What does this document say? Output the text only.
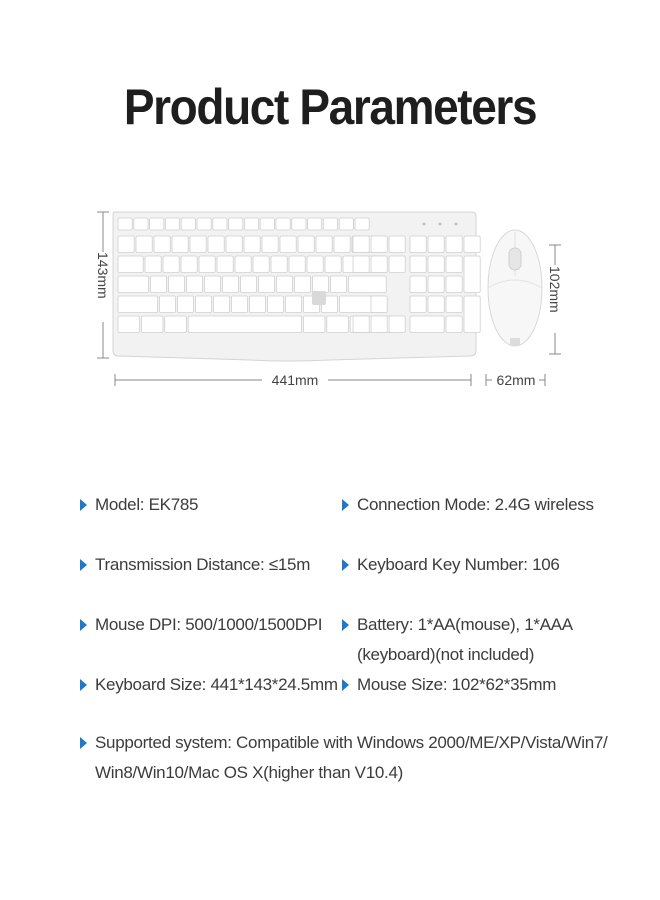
Product Parameters
143mm	102mm
441mm	62mm
Model: EK785	Connection Mode: 2.4G wireless
Transmission Distance: ≤15m	Keyboard Key Number: 106
Mouse DPI: 500/1000/1500DPI	Battery: 1*AA(mouse), 1*AAA
(keyboard)(not included)
Keyboard Size: 441*143*24.5mm	Mouse Size: 102*62*35mm
Supported system: Compatible with Windows 2000/ME/XP/Vista/Win7/
Win8/Win10/Mac OS X(higher than V10.4)
